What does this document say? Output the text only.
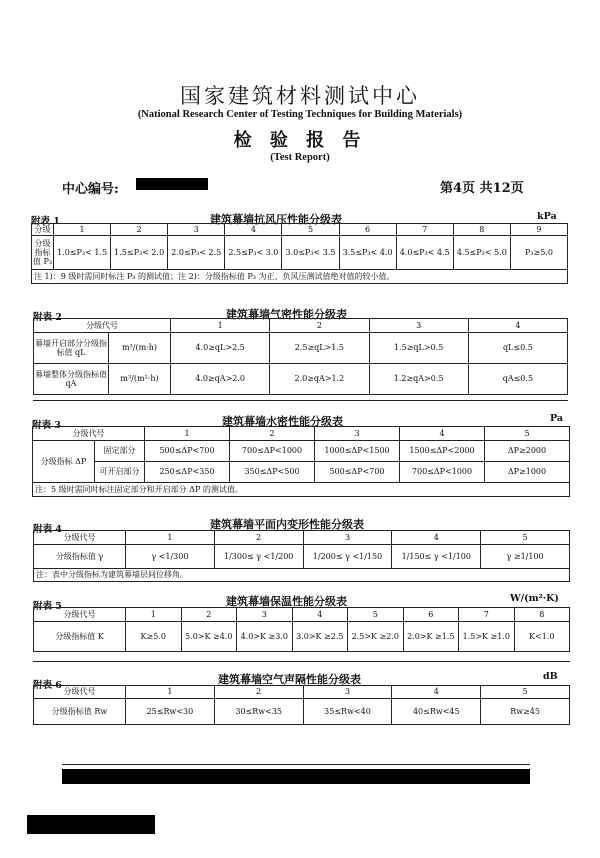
国家建筑材料测试中心
(National Research Center of Testing Techniques for Building Materials)
检 验 报 告
(Test Report)
中心编号:	第4页 共12页
附表 1	建筑幕墙抗风压性能分级表	kPa
分级	1	2	3	4	5	6	7	8	9
分级指标值 P₃	1.0≤P₃< 1.5	1.5≤P₃< 2.0	2.0≤P₃< 2.5	2.5≤P₃< 3.0	3.0≤P₃< 3.5	3.5≤P₃< 4.0	4.0≤P₃< 4.5	4.5≤P₃< 5.0	P₃≥5.0
注 1)：9 级时需同时标注 P₃ 的测试值；注 2)：分级指标值 P₃ 为正、负风压测试值绝对值的较小值。									
附表 2	建筑幕墙气密性能分级表
分级代号		1	2	3	4
幕墙开启部分分级指标值 qL	m³/(m·h)	4.0≥qL>2.5	2.5≥qL>1.5	1.5≥qL>0.5	qL≤0.5
幕墙整体分级指标值 qA	m³/(m²·h)	4.0≥qA>2.0	2.0≥qA>1.2	1.2≥qA>0.5	qA≤0.5
附表 3	建筑幕墙水密性能分级表	Pa
分级代号		1	2	3	4	5
分级指标 ΔP	固定部分	500≤ΔP<700	700≤ΔP<1000	1000≤ΔP<1500	1500≤ΔP<2000	ΔP≥2000
	可开启部分	250≤ΔP<350	350≤ΔP<500	500≤ΔP<700	700≤ΔP<1000	ΔP≥1000
注：5 级时需同时标注固定部分和开启部分 ΔP 的测试值。						
附表 4	建筑幕墙平面内变形性能分级表
分级代号	1	2	3	4	5
分级指标值 γ	γ <1/300	1/300≤ γ <1/200	1/200≤ γ <1/150	1/150≤ γ <1/100	γ ≥1/100
注：表中分级指标为建筑幕墙层间位移角。					
附表 5	建筑幕墙保温性能分级表	W/(m²·K)
分级代号	1	2	3	4	5	6	7	8
分级指标值 K	K≥5.0	5.0>K ≥4.0	4.0>K ≥3.0	3.0>K ≥2.5	2.5>K ≥2.0	2.0>K ≥1.5	1.5>K ≥1.0	K<1.0
附表 6	建筑幕墙空气声隔性能分级表	dB
分级代号	1	2	3	4	5
分级指标值 Rw	25≤Rw<30	30≤Rw<35	35≤Rw<40	40≤Rw<45	Rw≥45
